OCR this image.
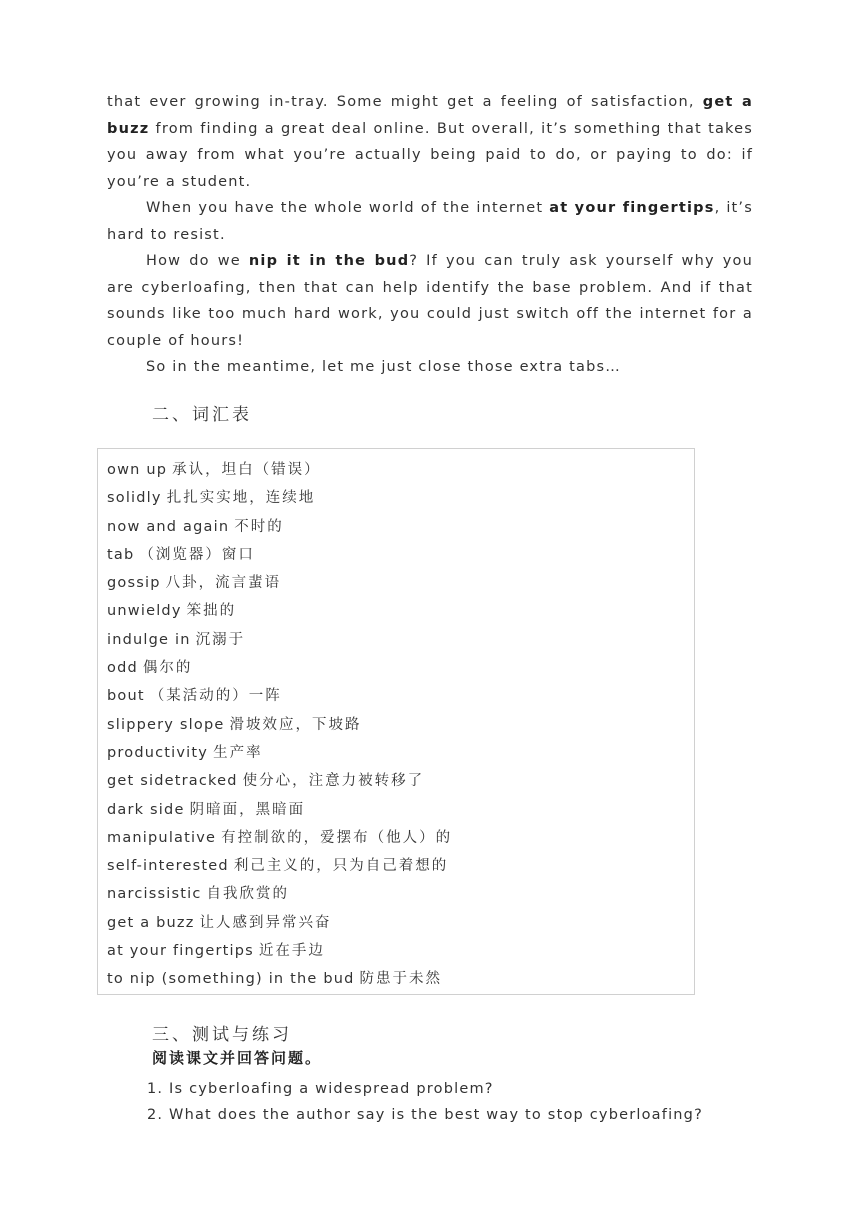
that ever growing in-tray. Some might get a feeling of satisfaction, get a buzz from finding a great deal online. But overall, it’s something that takes you away from what you’re actually being paid to do, or paying to do: if you’re a student.

When you have the whole world of the internet at your fingertips, it’s hard to resist.

How do we nip it in the bud? If you can truly ask yourself why you are cyberloafing, then that can help identify the base problem. And if that sounds like too much hard work, you could just switch off the internet for a couple of hours!

So in the meantime, let me just close those extra tabs…

二、词汇表
own up 承认，坦白（错误）
solidly 扎扎实实地，连续地
now and again 不时的
tab （浏览器）窗口
gossip 八卦，流言蜚语
unwieldy 笨拙的
indulge in 沉溺于
odd 偶尔的
bout （某活动的）一阵
slippery slope 滑坡效应，下坡路
productivity 生产率
get sidetracked 使分心，注意力被转移了
dark side 阴暗面，黑暗面
manipulative 有控制欲的，爱摆布（他人）的
self-interested 利己主义的，只为自己着想的
narcissistic 自我欣赏的
get a buzz 让人感到异常兴奋
at your fingertips 近在手边
to nip (something) in the bud 防患于未然
三、测试与练习

阅读课文并回答问题。

1. Is cyberloafing a widespread problem?

2. What does the author say is the best way to stop cyberloafing?
